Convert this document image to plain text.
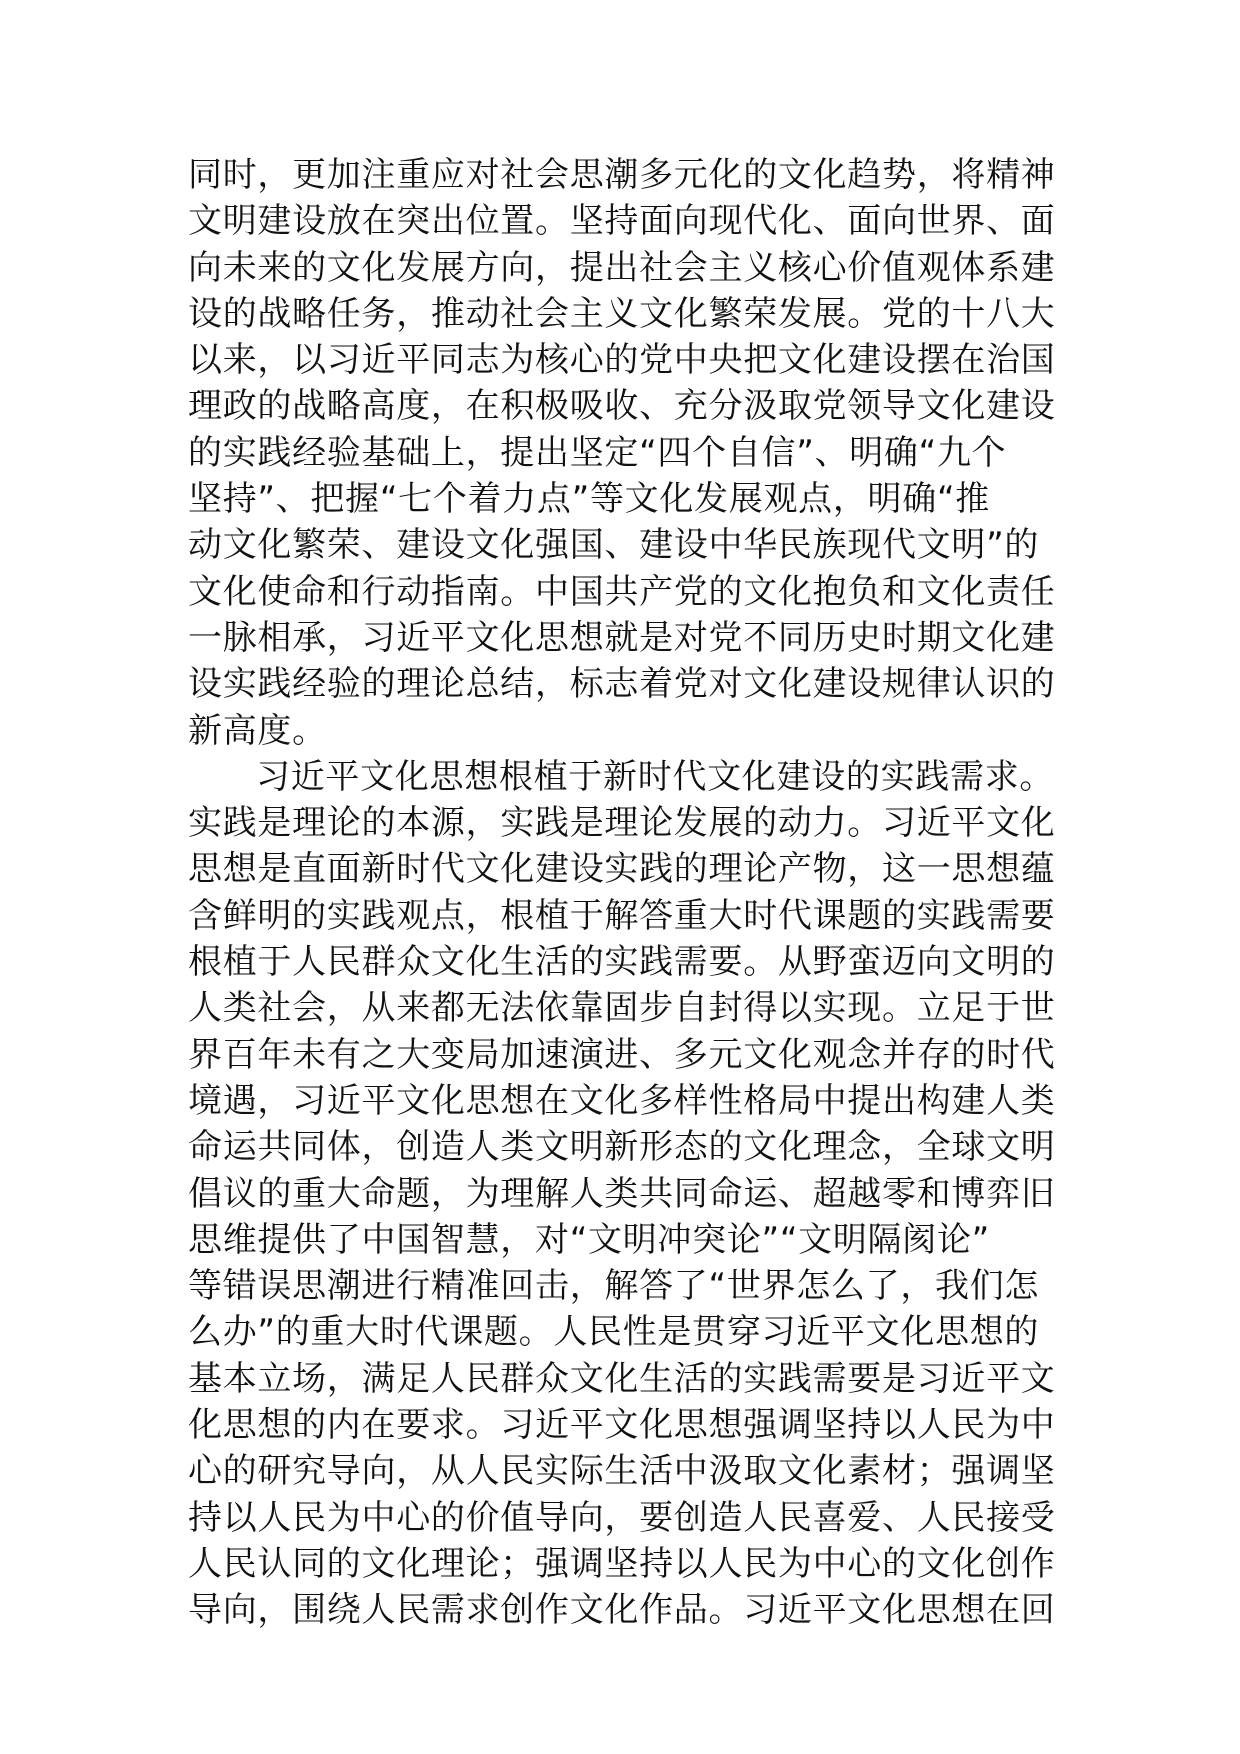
同时，更加注重应对社会思潮多元化的文化趋势，将精神
文明建设放在突出位置。坚持面向现代化、面向世界、面
向未来的文化发展方向，提出社会主义核心价值观体系建
设的战略任务，推动社会主义文化繁荣发展。党的十八大
以来，以习近平同志为核心的党中央把文化建设摆在治国
理政的战略高度，在积极吸收、充分汲取党领导文化建设
的实践经验基础上，提出坚定“四个自信”、明确“九个
坚持”、把握“七个着力点”等文化发展观点，明确“推
动文化繁荣、建设文化强国、建设中华民族现代文明”的
文化使命和行动指南。中国共产党的文化抱负和文化责任
一脉相承，习近平文化思想就是对党不同历史时期文化建
设实践经验的理论总结，标志着党对文化建设规律认识的
新高度。
习近平文化思想根植于新时代文化建设的实践需求。
实践是理论的本源，实践是理论发展的动力。习近平文化
思想是直面新时代文化建设实践的理论产物，这一思想蕴
含鲜明的实践观点，根植于解答重大时代课题的实践需要
根植于人民群众文化生活的实践需要。从野蛮迈向文明的
人类社会，从来都无法依靠固步自封得以实现。立足于世
界百年未有之大变局加速演进、多元文化观念并存的时代
境遇，习近平文化思想在文化多样性格局中提出构建人类
命运共同体，创造人类文明新形态的文化理念，全球文明
倡议的重大命题，为理解人类共同命运、超越零和博弈旧
思维提供了中国智慧，对“文明冲突论”“文明隔阂论”
等错误思潮进行精准回击，解答了“世界怎么了，我们怎
么办”的重大时代课题。人民性是贯穿习近平文化思想的
基本立场，满足人民群众文化生活的实践需要是习近平文
化思想的内在要求。习近平文化思想强调坚持以人民为中
心的研究导向，从人民实际生活中汲取文化素材；强调坚
持以人民为中心的价值导向，要创造人民喜爱、人民接受
人民认同的文化理论；强调坚持以人民为中心的文化创作
导向，围绕人民需求创作文化作品。习近平文化思想在回
